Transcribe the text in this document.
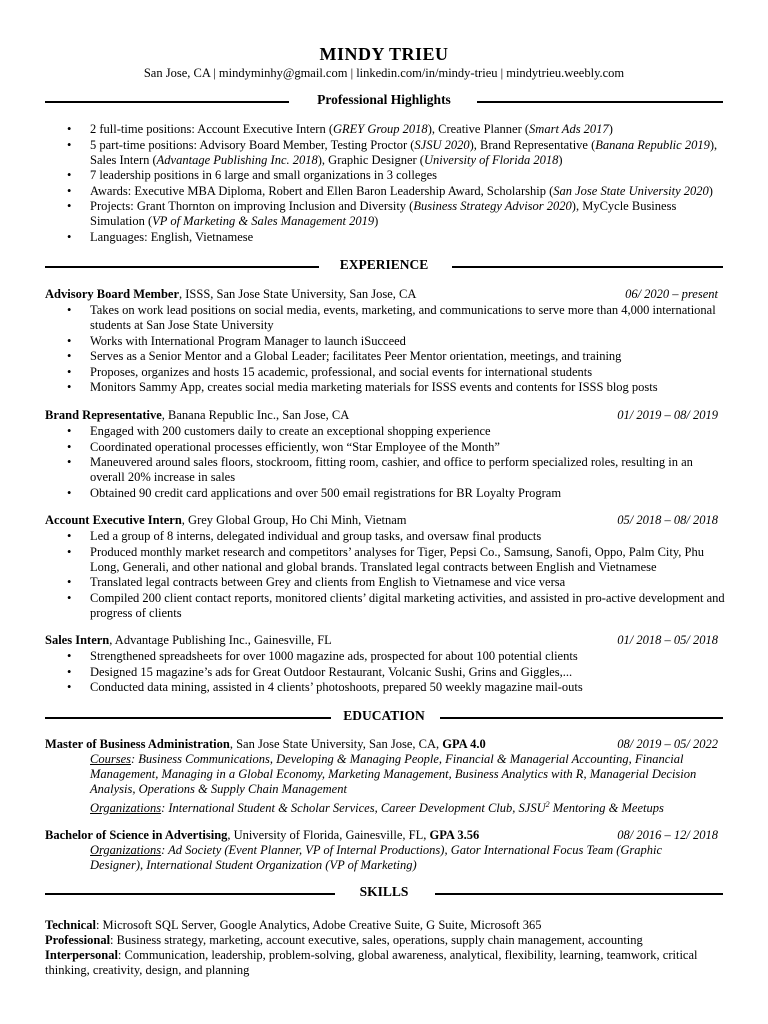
MINDY TRIEU
San Jose, CA | mindyminhy@gmail.com | linkedin.com/in/mindy-trieu | mindytrieu.weebly.com
Professional Highlights
• 2 full-time positions: Account Executive Intern (GREY Group 2018), Creative Planner (Smart Ads 2017)
• 5 part-time positions: Advisory Board Member, Testing Proctor (SJSU 2020), Brand Representative (Banana Republic 2019), Sales Intern (Advantage Publishing Inc. 2018), Graphic Designer (University of Florida 2018)
• 7 leadership positions in 6 large and small organizations in 3 colleges
• Awards: Executive MBA Diploma, Robert and Ellen Baron Leadership Award, Scholarship (San Jose State University 2020)
• Projects: Grant Thornton on improving Inclusion and Diversity (Business Strategy Advisor 2020), MyCycle Business Simulation (VP of Marketing & Sales Management 2019)
• Languages: English, Vietnamese
EXPERIENCE
Advisory Board Member, ISSS, San Jose State University, San Jose, CA	06/ 2020 – present
• Takes on work lead positions on social media, events, marketing, and communications to serve more than 4,000 international students at San Jose State University
• Works with International Program Manager to launch iSucceed
• Serves as a Senior Mentor and a Global Leader; facilitates Peer Mentor orientation, meetings, and training
• Proposes, organizes and hosts 15 academic, professional, and social events for international students
• Monitors Sammy App, creates social media marketing materials for ISSS events and contents for ISSS blog posts
Brand Representative, Banana Republic Inc., San Jose, CA	01/ 2019 – 08/ 2019
• Engaged with 200 customers daily to create an exceptional shopping experience
• Coordinated operational processes efficiently, won “Star Employee of the Month”
• Maneuvered around sales floors, stockroom, fitting room, cashier, and office to perform specialized roles, resulting in an overall 20% increase in sales
• Obtained 90 credit card applications and over 500 email registrations for BR Loyalty Program
Account Executive Intern, Grey Global Group, Ho Chi Minh, Vietnam	05/ 2018 – 08/ 2018
• Led a group of 8 interns, delegated individual and group tasks, and oversaw final products
• Produced monthly market research and competitors’ analyses for Tiger, Pepsi Co., Samsung, Sanofi, Oppo, Palm City, Phu Long, Generali, and other national and global brands. Translated legal contracts between English and Vietnamese
• Translated legal contracts between Grey and clients from English to Vietnamese and vice versa
• Compiled 200 client contact reports, monitored clients’ digital marketing activities, and assisted in pro-active development and progress of clients
Sales Intern, Advantage Publishing Inc., Gainesville, FL	01/ 2018 – 05/ 2018
• Strengthened spreadsheets for over 1000 magazine ads, prospected for about 100 potential clients
• Designed 15 magazine’s ads for Great Outdoor Restaurant, Volcanic Sushi, Grins and Giggles,...
• Conducted data mining, assisted in 4 clients’ photoshoots, prepared 50 weekly magazine mail-outs
EDUCATION
Master of Business Administration, San Jose State University, San Jose, CA, GPA 4.0	08/ 2019 – 05/ 2022
Courses: Business Communications, Developing & Managing People, Financial & Managerial Accounting, Financial Management, Managing in a Global Economy, Marketing Management, Business Analytics with R, Managerial Decision Analysis, Operations & Supply Chain Management
Organizations: International Student & Scholar Services, Career Development Club, SJSU$^2$ Mentoring & Meetups
Bachelor of Science in Advertising, University of Florida, Gainesville, FL, GPA 3.56	08/ 2016 – 12/ 2018
Organizations: Ad Society (Event Planner, VP of Internal Productions), Gator International Focus Team (Graphic Designer), International Student Organization (VP of Marketing)
SKILLS
Technical: Microsoft SQL Server, Google Analytics, Adobe Creative Suite, G Suite, Microsoft 365
Professional: Business strategy, marketing, account executive, sales, operations, supply chain management, accounting
Interpersonal: Communication, leadership, problem-solving, global awareness, analytical, flexibility, learning, teamwork, critical thinking, creativity, design, and planning
